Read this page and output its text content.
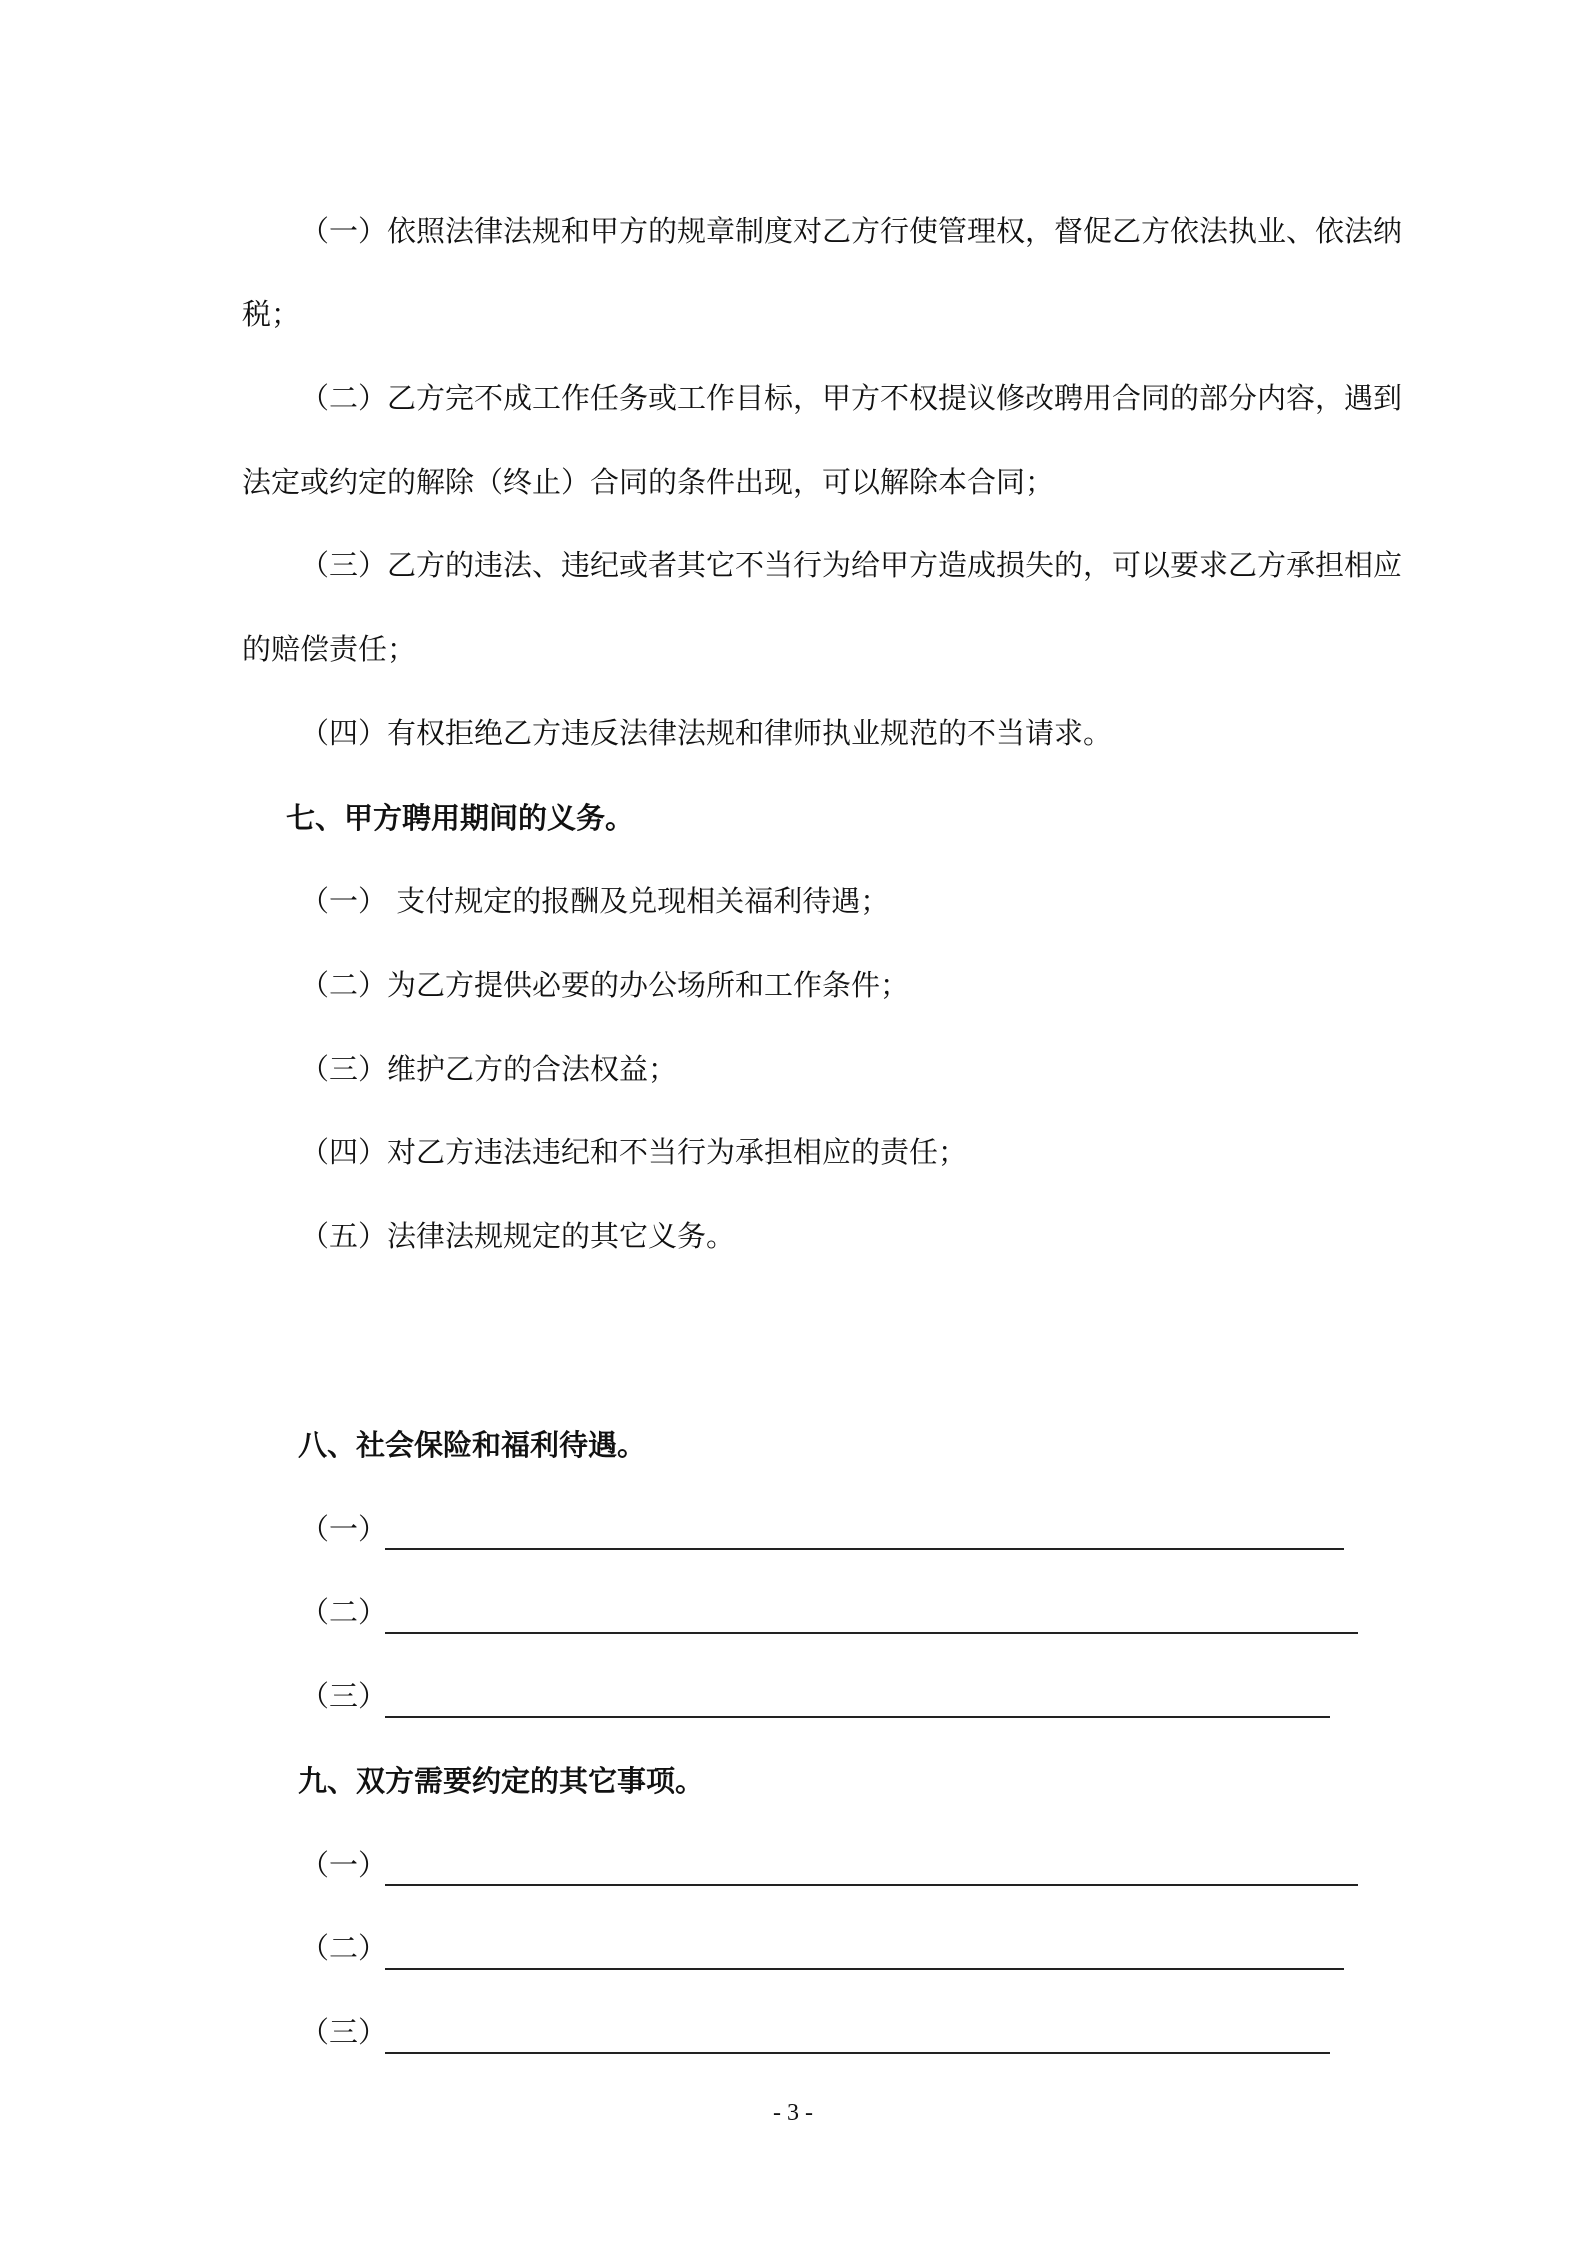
（一）依照法律法规和甲方的规章制度对乙方行使管理权，督促乙方依法执业、依法纳
税；
（二）乙方完不成工作任务或工作目标，甲方不权提议修改聘用合同的部分内容，遇到
法定或约定的解除（终止）合同的条件出现，可以解除本合同；
（三）乙方的违法、违纪或者其它不当行为给甲方造成损失的，可以要求乙方承担相应
的赔偿责任；
（四）有权拒绝乙方违反法律法规和律师执业规范的不当请求。
七、甲方聘用期间的义务。
（一） 支付规定的报酬及兑现相关福利待遇；
（二）为乙方提供必要的办公场所和工作条件；
（三）维护乙方的合法权益；
（四）对乙方违法违纪和不当行为承担相应的责任；
（五）法律法规规定的其它义务。
八、社会保险和福利待遇。
（一）
（二）
（三）
九、双方需要约定的其它事项。
（一）
（二）
（三）
- 3 -
